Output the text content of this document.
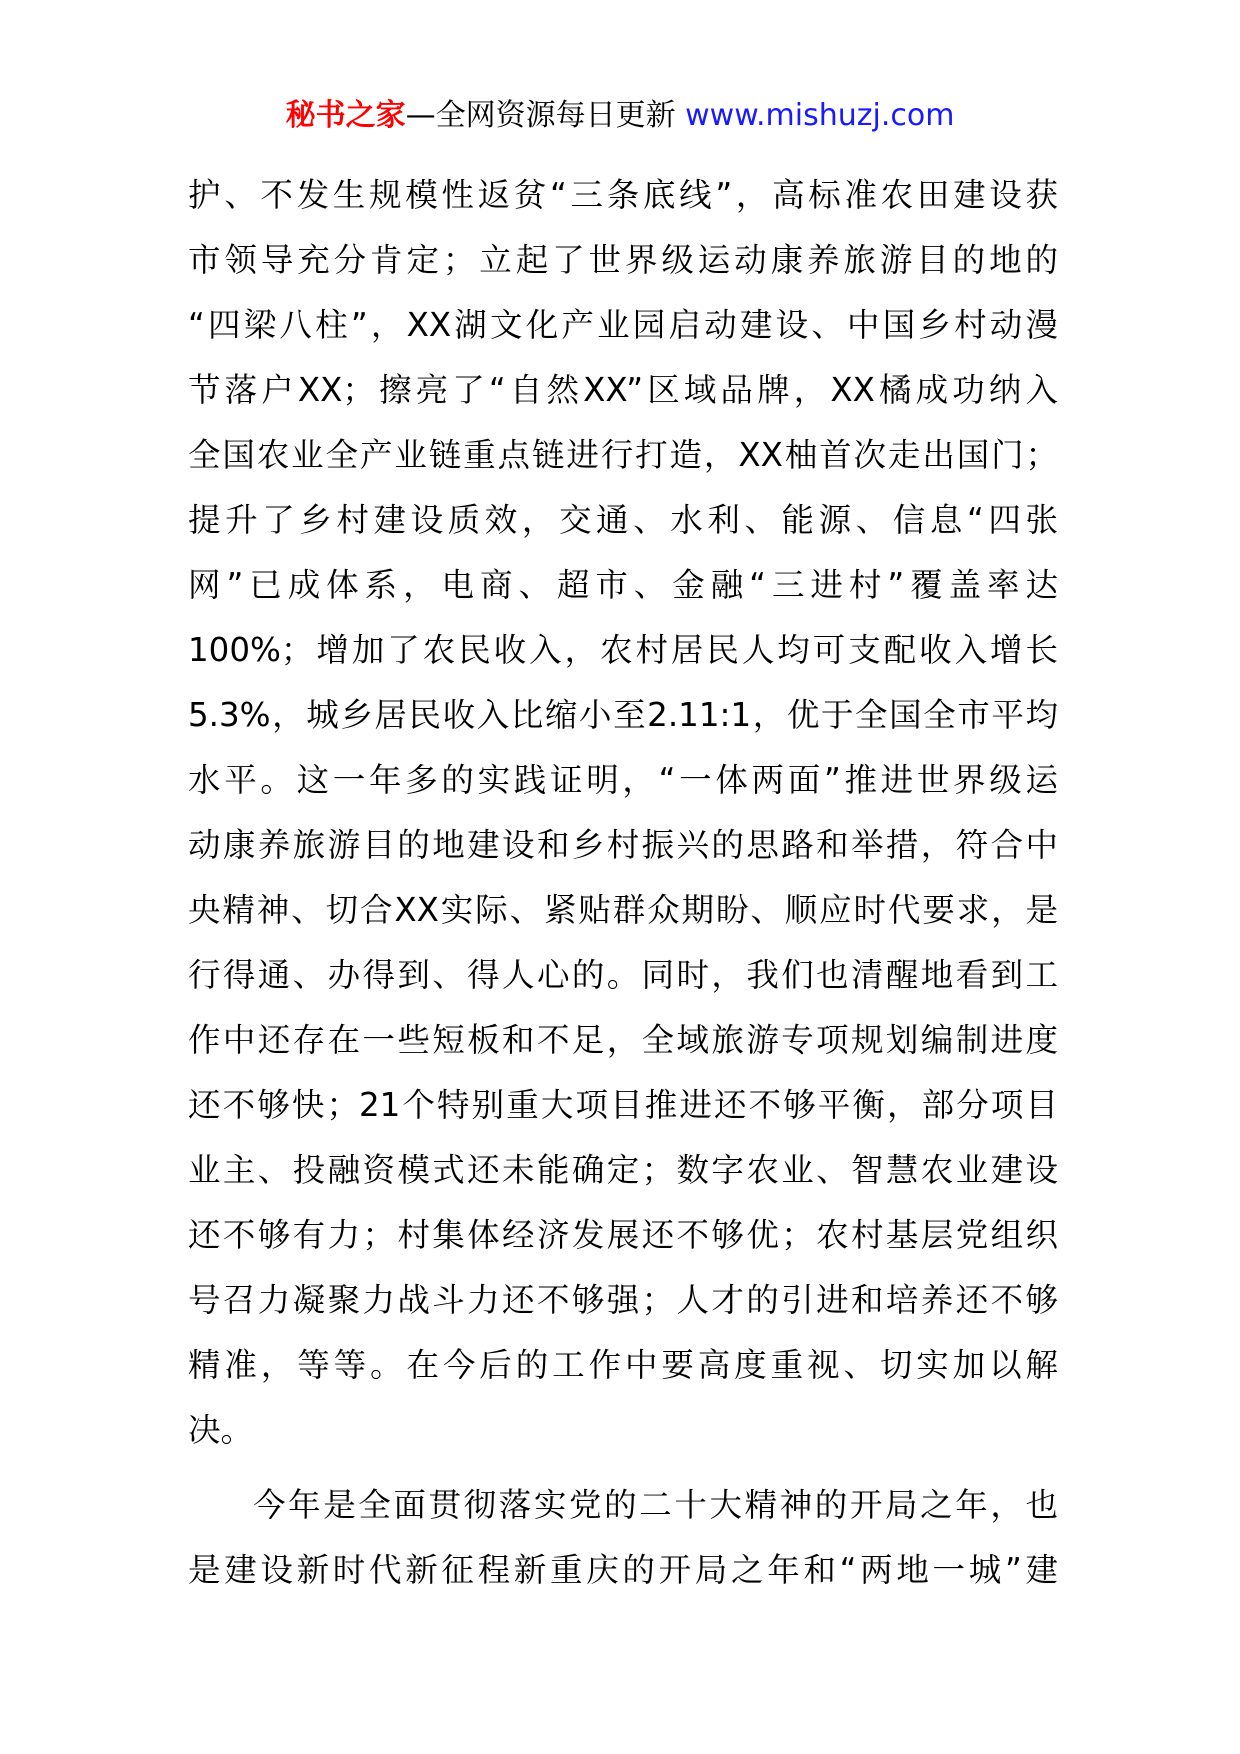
秘书之家—全网资源每日更新 www.mishuzj.com
护、不发生规模性返贫“三条底线”，高标准农田建设获
市领导充分肯定；立起了世界级运动康养旅游目的地的
“四梁八柱”，XX湖文化产业园启动建设、中国乡村动漫
节落户XX；擦亮了“自然XX”区域品牌，XX橘成功纳入
全国农业全产业链重点链进行打造，XX柚首次走出国门；
提升了乡村建设质效，交通、水利、能源、信息“四张
网”已成体系，电商、超市、金融“三进村”覆盖率达
100%；增加了农民收入，农村居民人均可支配收入增长
5.3%，城乡居民收入比缩小至2.11:1，优于全国全市平均
水平。这一年多的实践证明，“一体两面”推进世界级运
动康养旅游目的地建设和乡村振兴的思路和举措，符合中
央精神、切合XX实际、紧贴群众期盼、顺应时代要求，是
行得通、办得到、得人心的。同时，我们也清醒地看到工
作中还存在一些短板和不足，全域旅游专项规划编制进度
还不够快；21个特别重大项目推进还不够平衡，部分项目
业主、投融资模式还未能确定；数字农业、智慧农业建设
还不够有力；村集体经济发展还不够优；农村基层党组织
号召力凝聚力战斗力还不够强；人才的引进和培养还不够
精准，等等。在今后的工作中要高度重视、切实加以解
决。
今年是全面贯彻落实党的二十大精神的开局之年，也
是建设新时代新征程新重庆的开局之年和“两地一城”建
